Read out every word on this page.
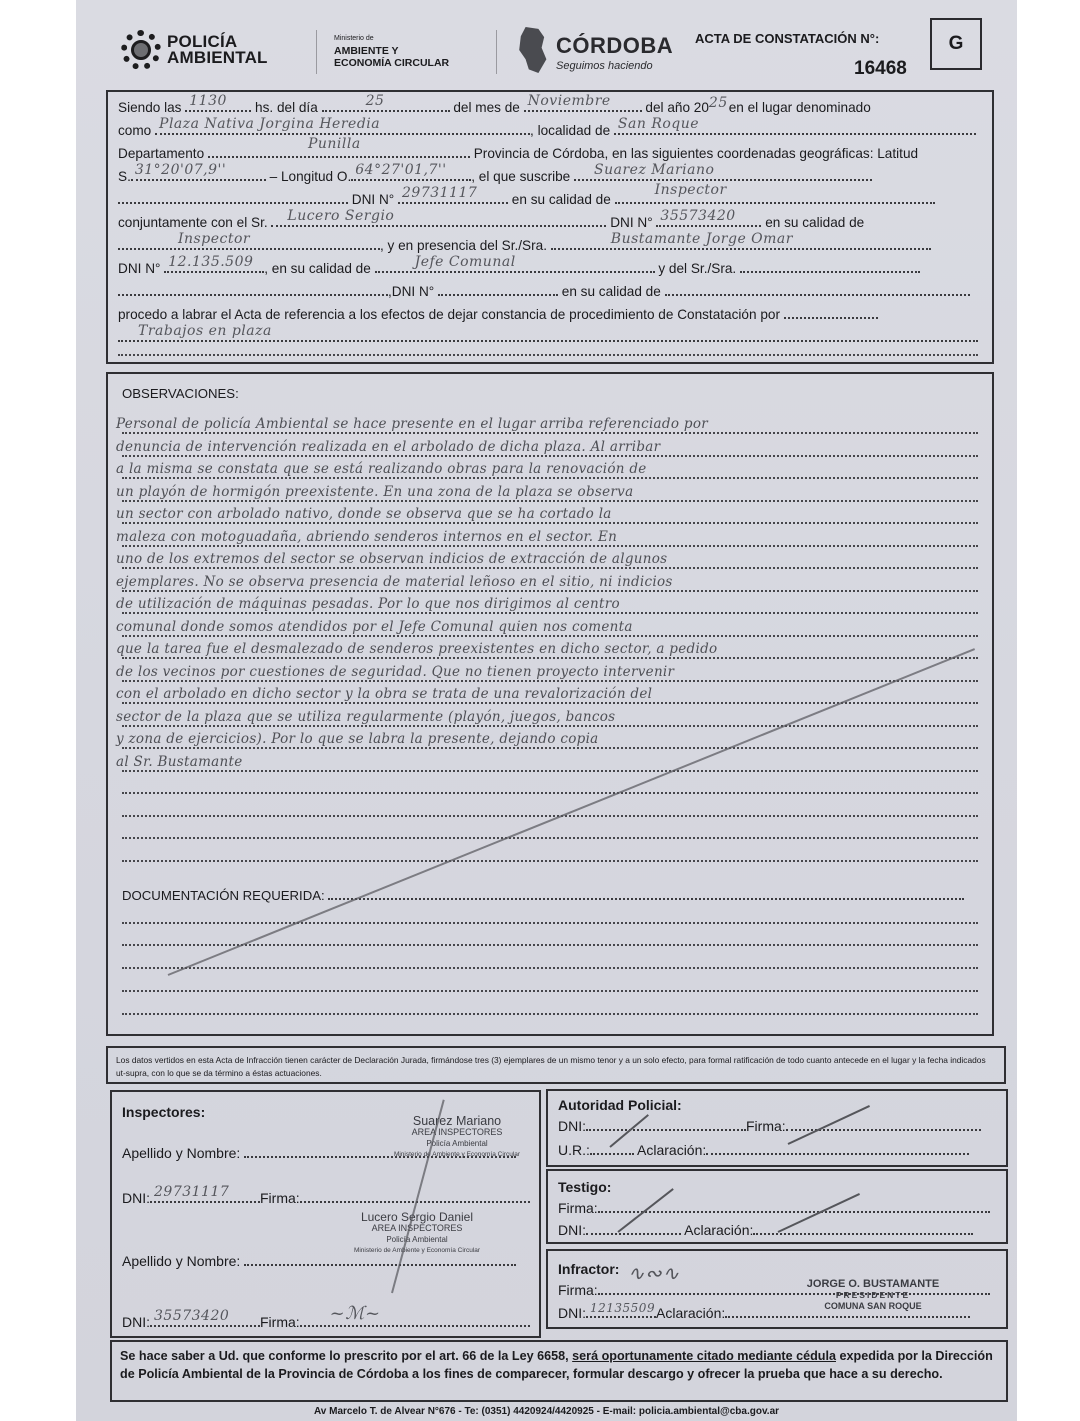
POLICÍA
AMBIENTAL
Ministerio de
AMBIENTE Y
ECONOMÍA CIRCULAR
CÓRDOBA
Seguimos haciendo
ACTA DE CONSTATACIÓN N°:
16468
G
Siendo las 1130 hs. del día	25	del mes de Noviembre	del año 20 25 en el lugar denominado
como Plaza Nativa Jorgina Heredia	, localidad de San Roque
Departamento
Punilla
Provincia de Córdoba, en las siguientes coordenadas geográficas: Latitud
S. 31°20'07,9''	– Longitud O. 64°27'01,7'' , el que suscribe Suarez Mariano
DNI N° 29731117	en su calidad de
Inspector
conjuntamente con el Sr. Lucero Sergio	DNI N° 35573420 en su calidad de
Inspector	, y en presencia del Sr./Sra.	Bustamante Jorge Omar
DNI N° 12.135.509 , en su calidad de	Jefe Comunal	y del Sr./Sra.
,DNI N°	en su calidad de
procedo a labrar el Acta de referencia a los efectos de dejar constancia de procedimiento de Constatación por
Trabajos en plaza
OBSERVACIONES:
Personal de policía Ambiental se hace presente en el lugar arriba referenciado por
denuncia de intervención realizada en el arbolado de dicha plaza. Al arribar
a la misma se constata que se está realizando obras para la renovación de
un playón de hormigón preexistente. En una zona de la plaza se observa
un sector con arbolado nativo, donde se observa que se ha cortado la
maleza con motoguadaña, abriendo senderos internos en el sector. En
uno de los extremos del sector se observan indicios de extracción de algunos
ejemplares. No se observa presencia de material leñoso en el sitio, ni indicios
de utilización de máquinas pesadas. Por lo que nos dirigimos al centro
comunal donde somos atendidos por el Jefe Comunal quien nos comenta
que la tarea fue el desmalezado de senderos preexistentes en dicho sector, a pedido
de los vecinos por cuestiones de seguridad. Que no tienen proyecto intervenir
con el arbolado en dicho sector y la obra se trata de una revalorización del
sector de la plaza que se utiliza regularmente (playón, juegos, bancos
y zona de ejercicios). Por lo que se labra la presente, dejando copia
al Sr. Bustamante
DOCUMENTACIÓN REQUERIDA:
Los datos vertidos en esta Acta de Infracción tienen carácter de Declaración Jurada, firmándose tres (3) ejemplares de un mismo tenor y a un solo efecto, para formal ratificación de todo cuanto antecede en el lugar y la fecha indicados ut-supra, con lo que se da término a éstas actuaciones.
Inspectores:
Suarez Mariano
AREA INSPECTORES
Policía Ambiental
Ministerio de Ambiente y Economía Circular
Apellido y Nombre:
DNI: 29731117 Firma:
Lucero Sergio Daniel
AREA INSPECTORES
Policía Ambiental
Ministerio de Ambiente y Economía Circular
Apellido y Nombre:
DNI: 35573420 Firma: ~ℳ~
Autoridad Policial:
DNI:	Firma:
U.R.:	Aclaración:
Testigo:
Firma:
DNI:	Aclaración:
Infractor:
Firma:
∿∾∿
DNI: 12135509 Aclaración:
JORGE O. BUSTAMANTE
PRESIDENTE
COMUNA SAN ROQUE
Se hace saber a Ud. que conforme lo prescrito por el art. 66 de la Ley 6658, será oportunamente citado mediante cédula expedida por la Dirección de Policía Ambiental de la Provincia de Córdoba a los fines de comparecer, formular descargo y ofrecer la prueba que hace a su derecho.
Av Marcelo T. de Alvear N°676 - Te: (0351) 4420924/4420925 - E-mail: policia.ambiental@cba.gov.ar
